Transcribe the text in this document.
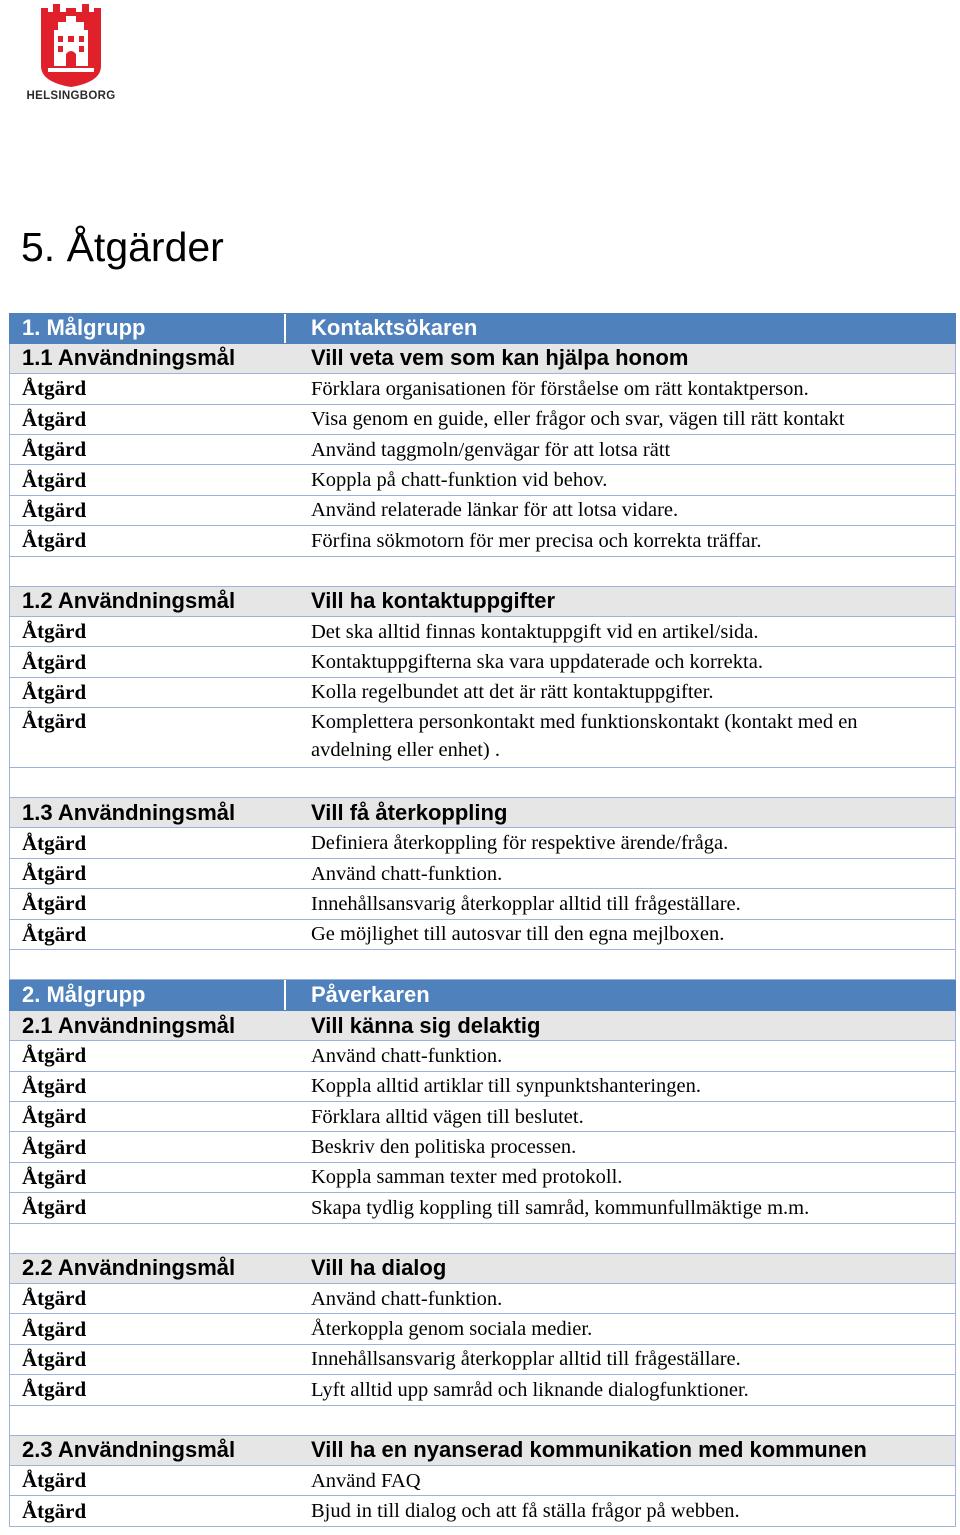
HELSINGBORG
5. Åtgärder
1. Målgrupp	Kontaktsökaren
1.1 Användningsmål	Vill veta vem som kan hjälpa honom
Åtgärd	Förklara organisationen för förståelse om rätt kontaktperson.
Åtgärd	Visa genom en guide, eller frågor och svar, vägen till rätt kontakt
Åtgärd	Använd taggmoln/genvägar för att lotsa rätt
Åtgärd	Koppla på chatt-funktion vid behov.
Åtgärd	Använd relaterade länkar för att lotsa vidare.
Åtgärd	Förfina sökmotorn för mer precisa och korrekta träffar.
1.2 Användningsmål	Vill ha kontaktuppgifter
Åtgärd	Det ska alltid finnas kontaktuppgift vid en artikel/sida.
Åtgärd	Kontaktuppgifterna ska vara uppdaterade och korrekta.
Åtgärd	Kolla regelbundet att det är rätt kontaktuppgifter.
Åtgärd	Komplettera personkontakt med funktionskontakt (kontakt med en avdelning eller enhet) .
1.3 Användningsmål	Vill få återkoppling
Åtgärd	Definiera återkoppling för respektive ärende/fråga.
Åtgärd	Använd chatt-funktion.
Åtgärd	Innehållsansvarig återkopplar alltid till frågeställare.
Åtgärd	Ge möjlighet till autosvar till den egna mejlboxen.
2. Målgrupp	Påverkaren
2.1 Användningsmål	Vill känna sig delaktig
Åtgärd	Använd chatt-funktion.
Åtgärd	Koppla alltid artiklar till synpunktshanteringen.
Åtgärd	Förklara alltid vägen till beslutet.
Åtgärd	Beskriv den politiska processen.
Åtgärd	Koppla samman texter med protokoll.
Åtgärd	Skapa tydlig koppling till samråd, kommunfullmäktige m.m.
2.2 Användningsmål	Vill ha dialog
Åtgärd	Använd chatt-funktion.
Åtgärd	Återkoppla genom sociala medier.
Åtgärd	Innehållsansvarig återkopplar alltid till frågeställare.
Åtgärd	Lyft alltid upp samråd och liknande dialogfunktioner.
2.3 Användningsmål	Vill ha en nyanserad kommunikation med kommunen
Åtgärd	Använd FAQ
Åtgärd	Bjud in till dialog och att få ställa frågor på webben.
